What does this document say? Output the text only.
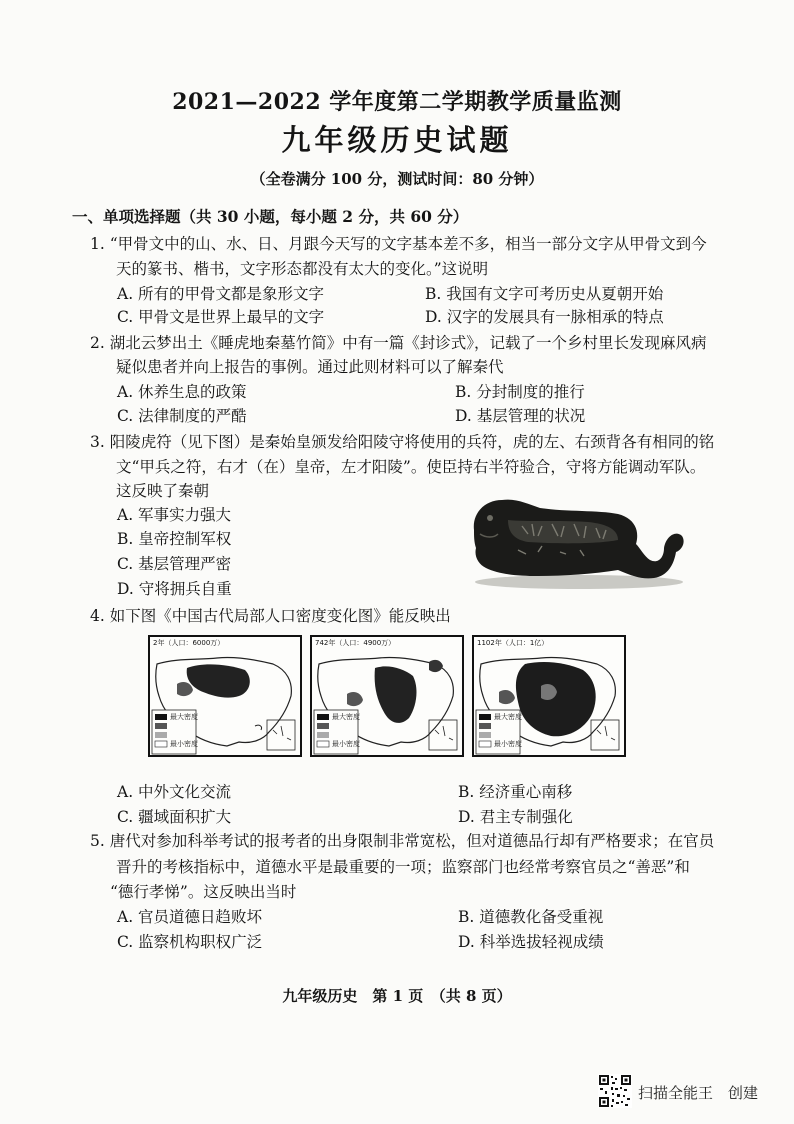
2021—2022 学年度第二学期教学质量监测
九年级历史试题
（全卷满分 100 分，测试时间：80 分钟）
一、单项选择题（共 30 小题，每小题 2 分，共 60 分）
1. “甲骨文中的山、水、日、月跟今天写的文字基本差不多，相当一部分文字从甲骨文到今
天的篆书、楷书，文字形态都没有太大的变化。”这说明
A. 所有的甲骨文都是象形文字	B. 我国有文字可考历史从夏朝开始
C. 甲骨文是世界上最早的文字	D. 汉字的发展具有一脉相承的特点
2. 湖北云梦出土《睡虎地秦墓竹简》中有一篇《封诊式》，记载了一个乡村里长发现麻风病
疑似患者并向上报告的事例。通过此则材料可以了解秦代
A. 休养生息的政策	B. 分封制度的推行
C. 法律制度的严酷	D. 基层管理的状况
3. 阳陵虎符（见下图）是秦始皇颁发给阳陵守将使用的兵符，虎的左、右颈背各有相同的铭
文“甲兵之符，右才（在）皇帝，左才阳陵”。使臣持右半符验合，守将方能调动军队。
这反映了秦朝
A. 军事实力强大
B. 皇帝控制军权
C. 基层管理严密
D. 守将拥兵自重
4. 如下图《中国古代局部人口密度变化图》能反映出
2年（人口：6000万）
最大密度
最小密度
742年（人口：4900万）
最大密度
最小密度
1102年（人口：1亿）
最大密度
最小密度
A. 中外文化交流	B. 经济重心南移
C. 疆域面积扩大	D. 君主专制强化
5. 唐代对参加科举考试的报考者的出身限制非常宽松，但对道德品行却有严格要求；在官员
晋升的考核指标中，道德水平是最重要的一项；监察部门也经常考察官员之“善恶”和
“德行孝悌”。这反映出当时
A. 官员道德日趋败坏	B. 道德教化备受重视
C. 监察机构职权广泛	D. 科举选拔轻视成绩
九年级历史　第 1 页　（共 8 页）
扫描全能王　创建
